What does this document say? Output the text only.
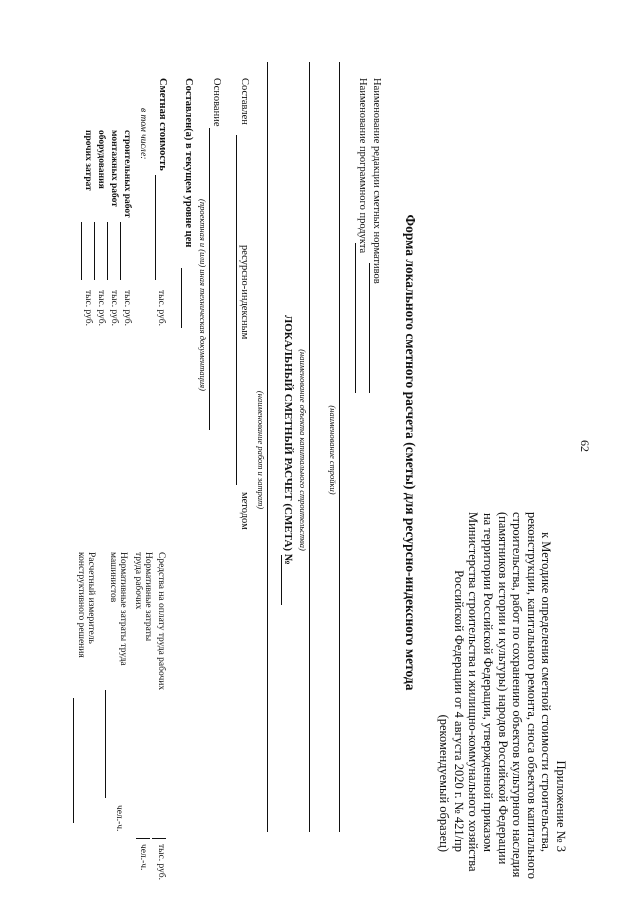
62
Приложение № 3
к Методике определения сметной стоимости строительства,
реконструкции, капитального ремонта, сноса объектов капитального
строительства, работ по сохранению объектов культурного наследия
(памятников истории и культуры) народов Российской Федерации
на территории Российской Федерации, утвержденной приказом
Министерства строительства и жилищно-коммунального хозяйства
Российской Федерации от 4 августа 2020 г. № 421/пр
(рекомендуемый образец)
Форма локального сметного расчета (сметы) для ресурсно-индексного метода
Наименование редакции сметных нормативов
Наименование программного продукта
(наименование стройки)
(наименование объекта капитального строительства)
ЛОКАЛЬНЫЙ СМЕТНЫЙ РАСЧЕТ (СМЕТА) №
(наименование работ и затрат)
Составлен
ресурсно-индексным
методом
Основание
(проектная и (или) иная техническая документация)
Составлен(а) в текущем уровне цен
Сметная стоимость
тыс. руб.
в том числе:
строительных работ
тыс. руб.
монтажных работ
тыс. руб.
оборудования
тыс. руб.
прочих затрат
тыс. руб.
Средства на оплату труда рабочих
тыс. руб.
Нормативные затраты
труда рабочих
чел.-ч.
Нормативные затраты труда
машинистов
чел.-ч.
Расчетный измеритель
конструктивного решения
